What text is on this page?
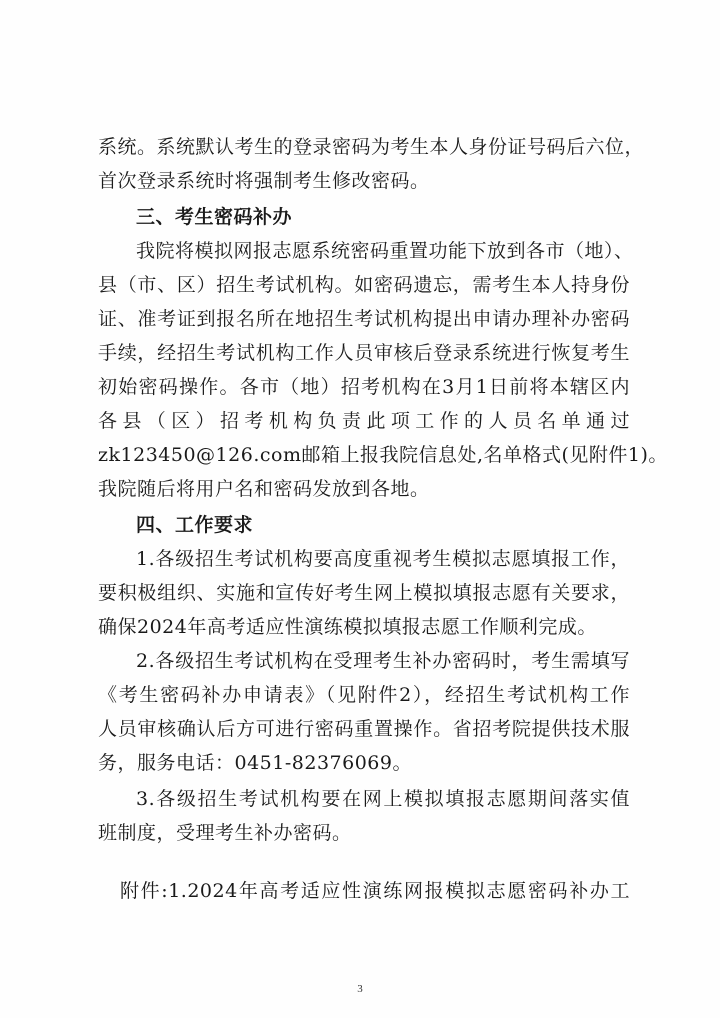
系统。系统默认考生的登录密码为考生本人身份证号码后六位，
首次登录系统时将强制考生修改密码。
三、考生密码补办
我院将模拟网报志愿系统密码重置功能下放到各市（地）、
县（市、区）招生考试机构。如密码遗忘，需考生本人持身份
证、准考证到报名所在地招生考试机构提出申请办理补办密码
手续，经招生考试机构工作人员审核后登录系统进行恢复考生
初始密码操作。各市（地）招考机构在3月1日前将本辖区内
各县（区）招考机构负责此项工作的人员名单通过
zk123450@126.com邮箱上报我院信息处,名单格式(见附件1)。
我院随后将用户名和密码发放到各地。
四、工作要求
1.各级招生考试机构要高度重视考生模拟志愿填报工作，
要积极组织、实施和宣传好考生网上模拟填报志愿有关要求，
确保2024年高考适应性演练模拟填报志愿工作顺利完成。
2.各级招生考试机构在受理考生补办密码时，考生需填写
《考生密码补办申请表》（见附件2），经招生考试机构工作
人员审核确认后方可进行密码重置操作。省招考院提供技术服
务，服务电话：0451-82376069。
3.各级招生考试机构要在网上模拟填报志愿期间落实值
班制度，受理考生补办密码。
附件:1.2024年高考适应性演练网报模拟志愿密码补办工
3
